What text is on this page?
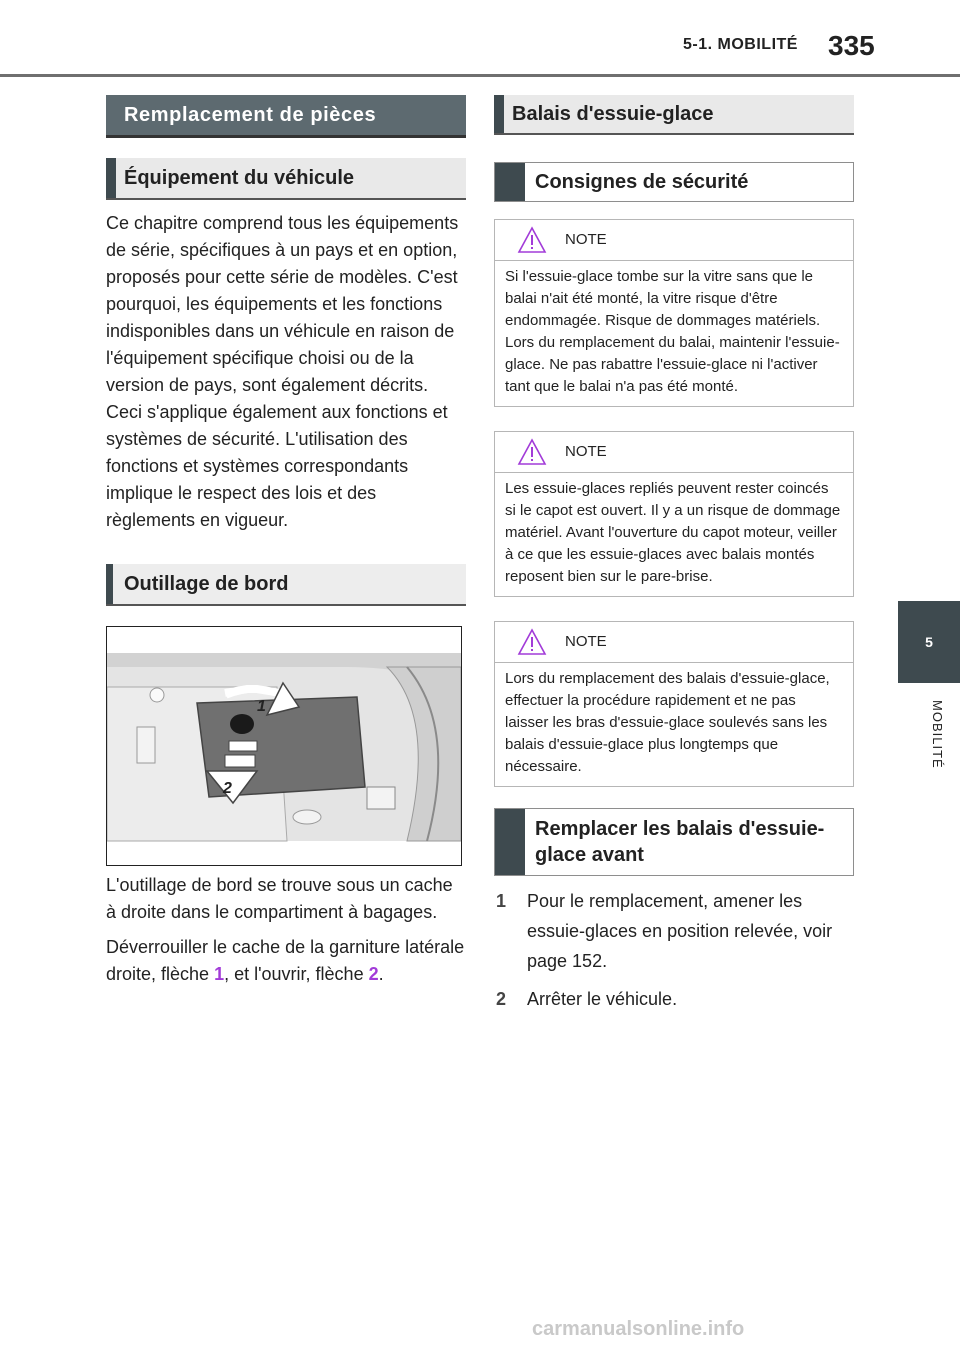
5-1. MOBILITÉ 335
5
MOBILITÉ
Remplacement de pièces
Équipement du véhicule

Ce chapitre comprend tous les équipements de série, spécifiques à un pays et en option, proposés pour cette série de modèles. C'est pourquoi, les équipements et les fonctions indisponibles dans un véhicule en raison de l'équipement spécifique choisi ou de la version de pays, sont également décrits. Ceci s'applique également aux fonctions et systèmes de sécurité. L'utilisation des fonctions et systèmes correspondants implique le respect des lois et des règlements en vigueur.

Outillage de bord
1
2

L'outillage de bord se trouve sous un cache à droite dans le compartiment à bagages.

Déverrouiller le cache de la garniture latérale droite, flèche 1, et l'ouvrir, flèche 2.

Balais d'essuie-glace
Consignes de sécurité
NOTE
Si l'essuie-glace tombe sur la vitre sans que le balai n'ait été monté, la vitre risque d'être endommagée. Risque de dommages matériels. Lors du remplacement du balai, maintenir l'essuie-glace. Ne pas rabattre l'essuie-glace ni l'activer tant que le balai n'a pas été monté.
NOTE
Les essuie-glaces repliés peuvent rester coincés si le capot est ouvert. Il y a un risque de dommage matériel. Avant l'ouverture du capot moteur, veiller à ce que les essuie-glaces avec balais montés reposent bien sur le pare-brise.
NOTE
Lors du remplacement des balais d'essuie-glace, effectuer la procédure rapidement et ne pas laisser les bras d'essuie-glace soulevés sans les balais d'essuie-glace plus longtemps que nécessaire.
Remplacer les balais d'essuie-glace avant
1 Pour le remplacement, amener les essuie-glaces en position relevée, voir page 152.
2 Arrêter le véhicule.
carmanualsonline.info
